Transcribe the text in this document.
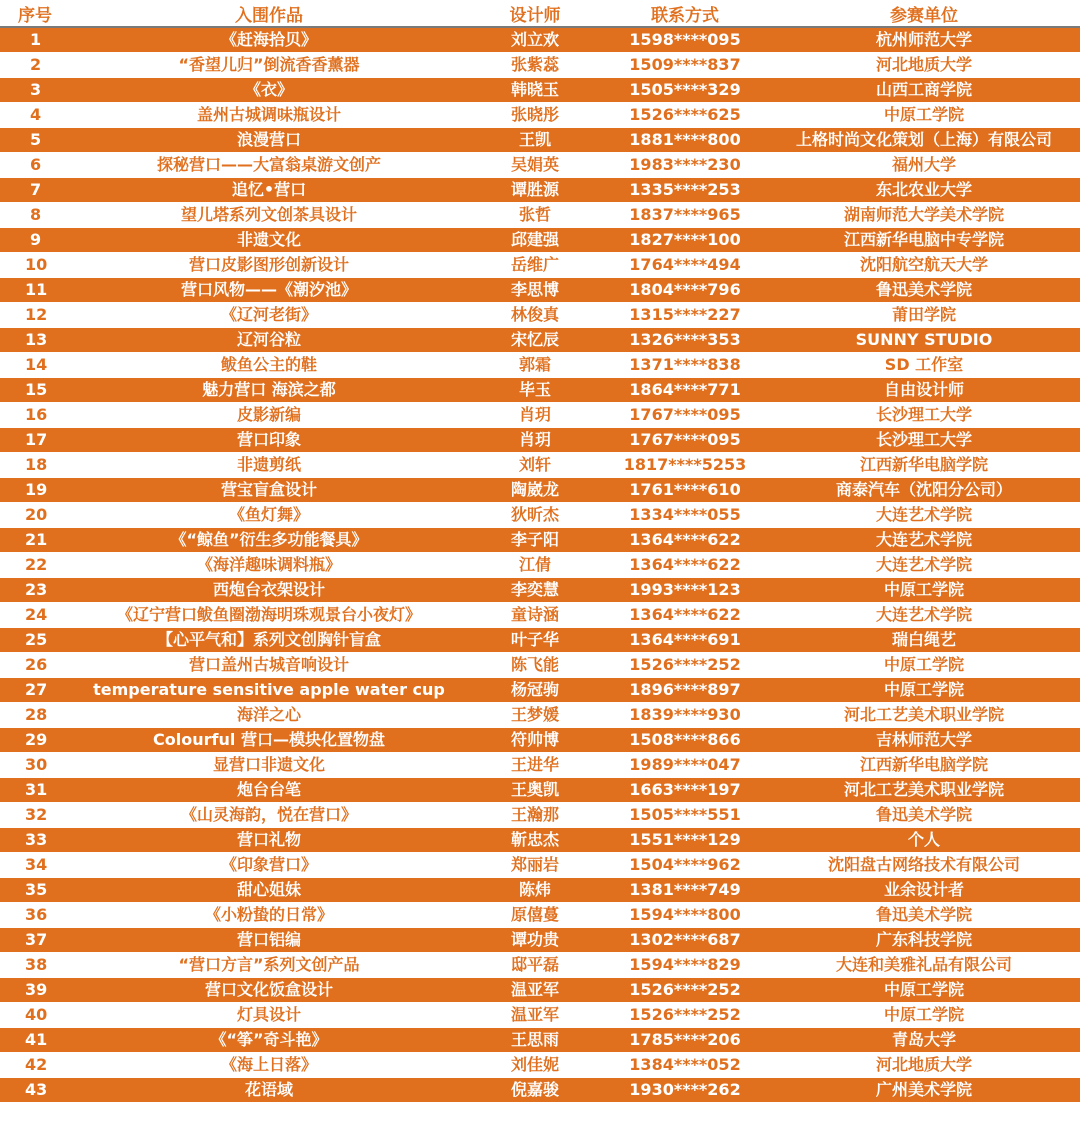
序号	入围作品	设计师	联系方式	参赛单位
1	《赶海拾贝》	刘立欢	1598****095	杭州师范大学
2	“香望儿归”倒流香香薰器	张紫蕊	1509****837	河北地质大学
3	《衣》	韩晓玉	1505****329	山西工商学院
4	盖州古城调味瓶设计	张晓彤	1526****625	中原工学院
5	浪漫营口	王凯	1881****800	上格时尚文化策划（上海）有限公司
6	探秘营口——大富翁桌游文创产	吴娟英	1983****230	福州大学
7	追忆•营口	谭胜源	1335****253	东北农业大学
8	望儿塔系列文创茶具设计	张哲	1837****965	湖南师范大学美术学院
9	非遗文化	邱建强	1827****100	江西新华电脑中专学院
10	营口皮影图形创新设计	岳维广	1764****494	沈阳航空航天大学
11	营口风物——《潮汐池》	李思博	1804****796	鲁迅美术学院
12	《辽河老街》	林俊真	1315****227	莆田学院
13	辽河谷粒	宋忆辰	1326****353	SUNNY STUDIO
14	鲅鱼公主的鞋	郭霜	1371****838	SD 工作室
15	魅力营口 海滨之都	毕玉	1864****771	自由设计师
16	皮影新编	肖玥	1767****095	长沙理工大学
17	营口印象	肖玥	1767****095	长沙理工大学
18	非遗剪纸	刘轩	1817****5253	江西新华电脑学院
19	营宝盲盒设计	陶崴龙	1761****610	商泰汽车（沈阳分公司）
20	《鱼灯舞》	狄昕杰	1334****055	大连艺术学院
21	《“鲸鱼”衍生多功能餐具》	李子阳	1364****622	大连艺术学院
22	《海洋趣味调料瓶》	江倩	1364****622	大连艺术学院
23	西炮台衣架设计	李奕慧	1993****123	中原工学院
24	《辽宁营口鲅鱼圈渤海明珠观景台小夜灯》	童诗涵	1364****622	大连艺术学院
25	【心平气和】系列文创胸针盲盒	叶子华	1364****691	瑞白绳艺
26	营口盖州古城音响设计	陈飞能	1526****252	中原工学院
27	temperature sensitive apple water cup	杨冠驹	1896****897	中原工学院
28	海洋之心	王梦媛	1839****930	河北工艺美术职业学院
29	Colourful 营口—模块化置物盘	符帅博	1508****866	吉林师范大学
30	显营口非遗文化	王进华	1989****047	江西新华电脑学院
31	炮台台笔	王奥凯	1663****197	河北工艺美术职业学院
32	《山灵海韵，悦在营口》	王瀚那	1505****551	鲁迅美术学院
33	营口礼物	靳忠杰	1551****129	个人
34	《印象营口》	郑丽岩	1504****962	沈阳盘古网络技术有限公司
35	甜心姐妹	陈炜	1381****749	业余设计者
36	《小粉蛰的日常》	原僖蔓	1594****800	鲁迅美术学院
37	营口铝编	谭功贵	1302****687	广东科技学院
38	“营口方言”系列文创产品	邸平磊	1594****829	大连和美雅礼品有限公司
39	营口文化饭盒设计	温亚军	1526****252	中原工学院
40	灯具设计	温亚军	1526****252	中原工学院
41	《“筝”奇斗艳》	王思雨	1785****206	青岛大学
42	《海上日落》	刘佳妮	1384****052	河北地质大学
43	花语域	倪嘉骏	1930****262	广州美术学院
